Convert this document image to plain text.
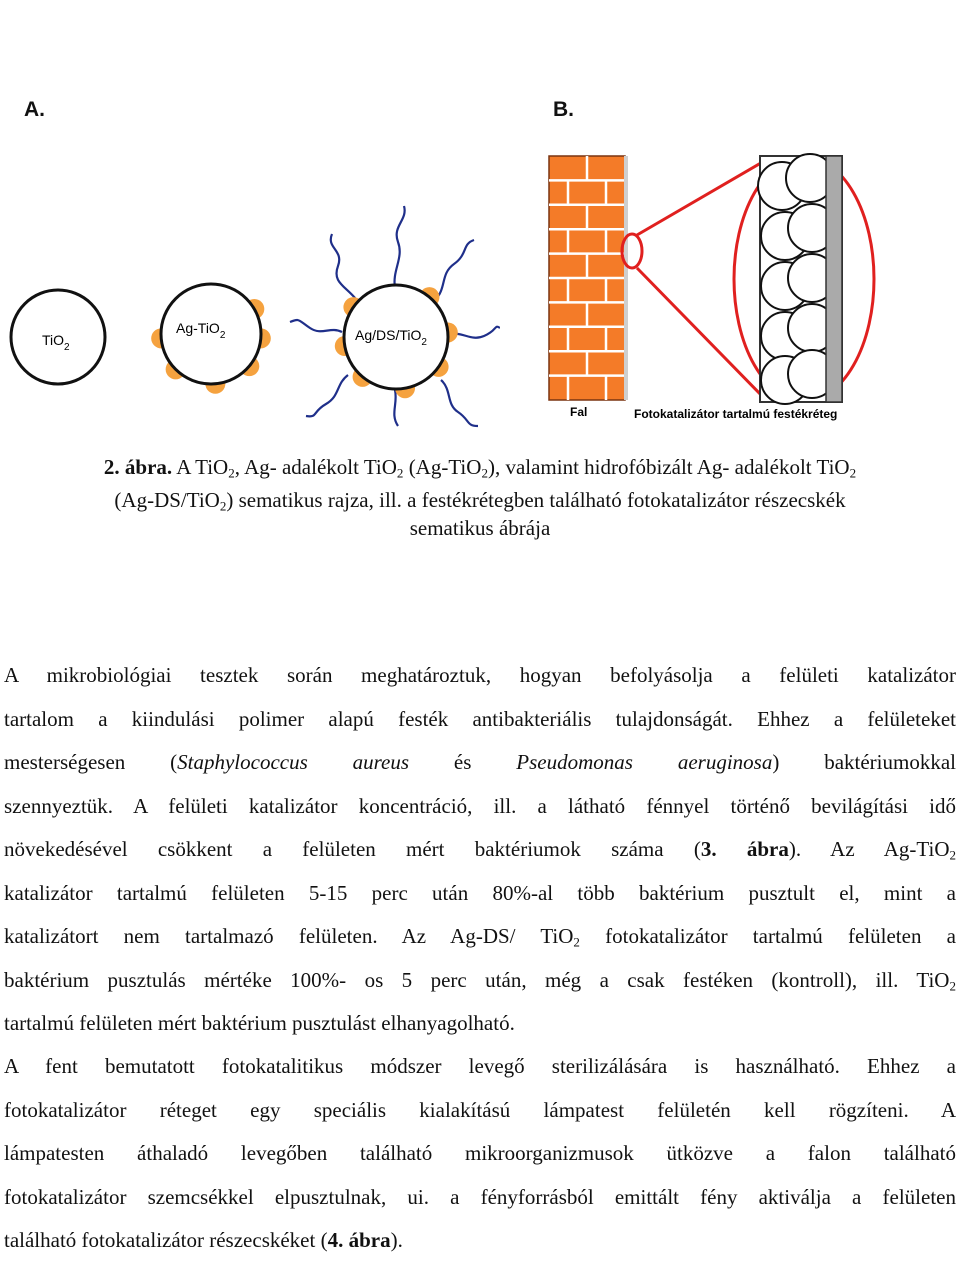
A.	B.
TiO$_2$
Ag-TiO$_2$	Ag/DS/TiO$_2$
Fal	Fotokatalizátor tartalmú festékréteg
2. ábra. A TiO$_2$, Ag- adalékolt TiO$_2$ (Ag-TiO$_2$), valamint hidrofóbizált Ag- adalékolt TiO$_2$
(Ag-DS/TiO$_2$) sematikus rajza, ill. a festékrétegben található fotokatalizátor részecskék
sematikus ábrája
A mikrobiológiai tesztek során meghatároztuk, hogyan befolyásolja a felületi katalizátor
tartalom a kiindulási polimer alapú festék antibakteriális tulajdonságát. Ehhez a felületeket
mesterségesen (Staphylococcus aureus és Pseudomonas aeruginosa) baktériumokkal
szennyeztük. A felületi katalizátor koncentráció, ill. a látható fénnyel történő bevilágítási idő
növekedésével csökkent a felületen mért baktériumok száma (3. ábra). Az Ag-TiO$_2$
katalizátor tartalmú felületen 5-15 perc után 80%-al több baktérium pusztult el, mint a
katalizátort nem tartalmazó felületen. Az Ag-DS/ TiO$_2$ fotokatalizátor tartalmú felületen a
baktérium pusztulás mértéke 100%- os 5 perc után, még a csak festéken (kontroll), ill. TiO$_2$
tartalmú felületen mért baktérium pusztulást elhanyagolható.
A fent bemutatott fotokatalitikus módszer levegő sterilizálására is használható. Ehhez a
fotokatalizátor réteget egy speciális kialakítású lámpatest felületén kell rögzíteni. A
lámpatesten áthaladó levegőben található mikroorganizmusok ütközve a falon található
fotokatalizátor szemcsékkel elpusztulnak, ui. a fényforrásból emittált fény aktiválja a felületen
található fotokatalizátor részecskéket (4. ábra).
